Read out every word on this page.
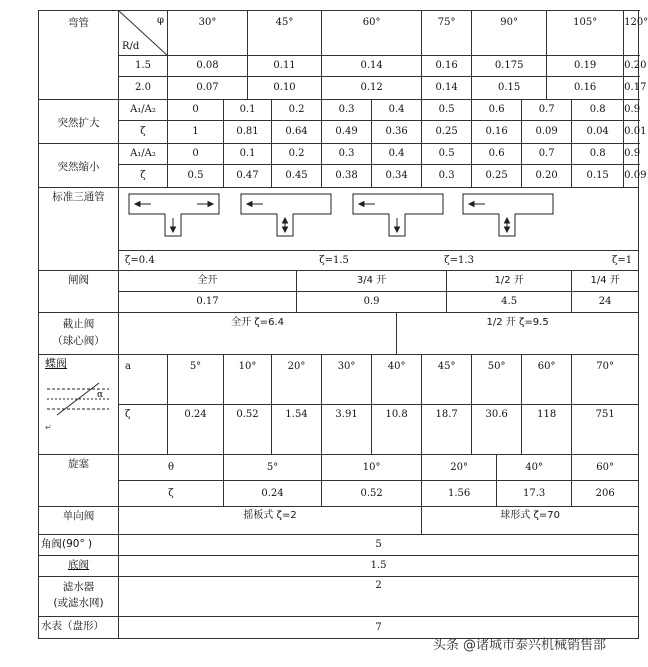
弯管	φ
R/d	30°		45°			60°			75°		90°			105°		120°	
	1.5	0.08		0.11			0.14			0.16		0.175			0.19		0.20	
	2.0	0.07		0.10			0.12			0.14		0.15			0.16		0.17	
突然扩大	A₁/A₂	0	0.1		0.2		0.3	0.4		0.5		0.6		0.7		0.8	0.9	
	ζ	1	0.81		0.64		0.49	0.36		0.25		0.16		0.09		0.04	0.01	
突然缩小	A₁/A₂	0	0.1		0.2		0.3	0.4		0.5		0.6		0.7		0.8	0.9	
	ζ	0.5	0.47		0.45		0.38	0.34		0.3		0.25		0.20		0.15	0.09	
标准三通管	

	ζ=0.4				ζ=1.5				ζ=1.3					ζ=1				
闸阀	全开					3/4 开					1/2 开					1/4 开		
	0.17					0.9					4.5					24		

截止阀
（球心阀）	全开 ζ=6.4								1/2 开 ζ=9.5									

蝶阀
α
↵	a	5°	10°		20°		30°	40°		45°		50°		60°		70°		
	ζ	0.24	0.52		1.54		3.91	10.8		18.7		30.6		118		751		
旋塞	θ		5°				10°			20°			40°			60°		
	ζ		0.24				0.52			1.56			17.3			206		
单向阀	摇板式 ζ=2									球形式 ζ=70								
角阀(90° )	5																	
底阀	1.5																	

滤水器
(或滤水网)	2																	
水表（盘形）	7																	
头条 @诸城市泰兴机械销售部
